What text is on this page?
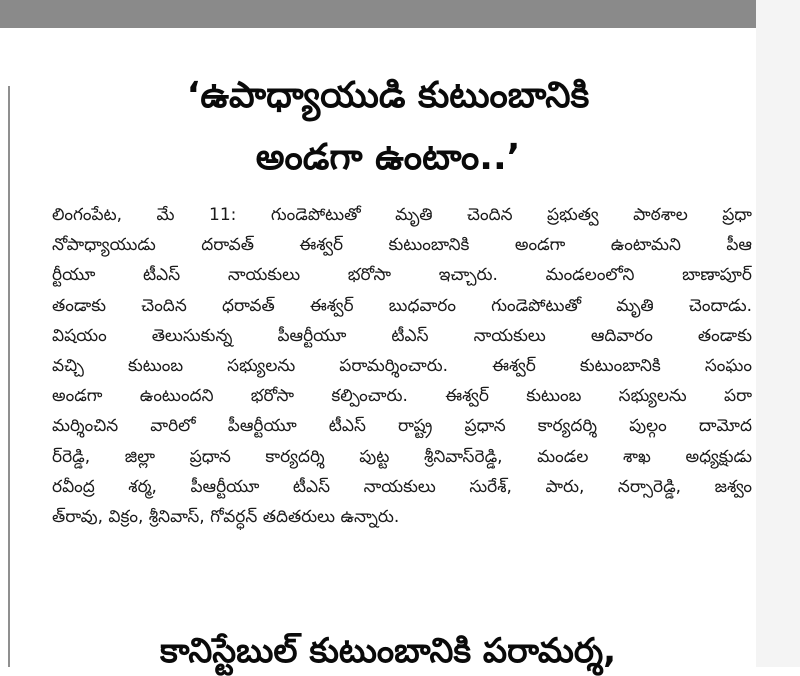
‘ఉపాధ్యాయుడి కుటుంబానికి
అండగా ఉంటాం..’
లింగంపేట, మే 11: గుండెపోటుతో మృతి చెందిన ప్రభుత్వ పాఠశాల ప్రధా
నోపాధ్యాయుడు దరావత్ ఈశ్వర్ కుటుంబానికి అండగా ఉంటామని పీఆ
ర్టీయూ టీఎస్ నాయకులు భరోసా ఇచ్చారు. మండలంలోని బాణాపూర్
తండాకు చెందిన ధరావత్ ఈశ్వర్ బుధవారం గుండెపోటుతో మృతి చెందాడు.
విషయం తెలుసుకున్న పీఆర్టీయూ టీఎస్ నాయకులు ఆదివారం తండాకు
వచ్చి కుటుంబ సభ్యులను పరామర్శించారు. ఈశ్వర్ కుటుంబానికి సంఘం
అండగా ఉంటుందని భరోసా కల్పించారు. ఈశ్వర్ కుటుంబ సభ్యులను పరా
మర్శించిన వారిలో పీఆర్టీయూ టీఎస్ రాష్ట్ర ప్రధాన కార్యదర్శి పుల్గం దామోద
ర్‌రెడ్డి, జిల్లా ప్రధాన కార్యదర్శి పుట్ట శ్రీనివాస్‌రెడ్డి, మండల శాఖ అధ్యక్షుడు
రవీంద్ర శర్మ, పీఆర్టీయూ టీఎస్ నాయకులు సురేశ్, పారు, నర్సారెడ్డి, జశ్వం
త్‌రావు, విక్రం, శ్రీనివాస్, గోవర్ధన్ తదితరులు ఉన్నారు.
కానిస్టేబుల్ కుటుంబానికి పరామర్శ,
